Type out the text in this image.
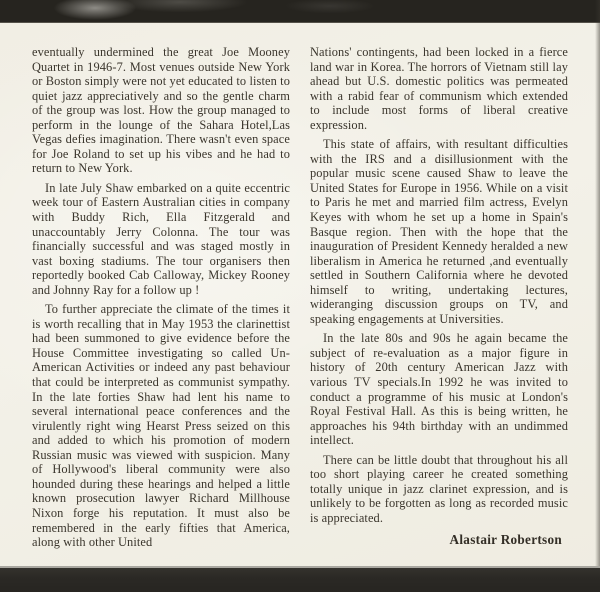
eventually undermined the great Joe Mooney Quartet in 1946-7. Most venues outside New York or Boston simply were not yet educated to listen to quiet jazz appreciatively and so the gentle charm of the group was lost. How the group managed to perform in the lounge of the Sahara Hotel,Las Vegas defies imagination. There wasn't even space for Joe Roland to set up his vibes and he had to return to New York.

In late July Shaw embarked on a quite eccentric week tour of Eastern Australian cities in company with Buddy Rich, Ella Fitzgerald and unaccountably Jerry Colonna. The tour was financially successful and was staged mostly in vast boxing stadiums. The tour organisers then reportedly booked Cab Calloway, Mickey Rooney and Johnny Ray for a follow up !

To further appreciate the climate of the times it is worth recalling that in May 1953 the clarinettist had been summoned to give evidence before the House Committee investigating so called Un-American Activities or indeed any past behaviour that could be interpreted as communist sympathy. In the late forties Shaw had lent his name to several international peace conferences and the virulently right wing Hearst Press seized on this and added to which his promotion of modern Russian music was viewed with suspicion. Many of Hollywood's liberal community were also hounded during these hearings and helped a little known prosecution lawyer Richard Millhouse Nixon forge his reputation. It must also be remembered in the early fifties that America, along with other United

Nations' contingents, had been locked in a fierce land war in Korea. The horrors of Vietnam still lay ahead but U.S. domestic politics was permeated with a rabid fear of communism which extended to include most forms of liberal creative expression.

This state of affairs, with resultant difficulties with the IRS and a disillusionment with the popular music scene caused Shaw to leave the United States for Europe in 1956. While on a visit to Paris he met and married film actress, Evelyn Keyes with whom he set up a home in Spain's Basque region. Then with the hope that the inauguration of President Kennedy heralded a new liberalism in America he returned ,and eventually settled in Southern California where he devoted himself to writing, undertaking lectures, wideranging discussion groups on TV, and speaking engagements at Universities.

In the late 80s and 90s he again became the subject of re-evaluation as a major figure in history of 20th century American Jazz with various TV specials.In 1992 he was invited to conduct a programme of his music at London's Royal Festival Hall. As this is being written, he approaches his 94th birthday with an undimmed intellect.

There can be little doubt that throughout his all too short playing career he created something totally unique in jazz clarinet expression, and is unlikely to be forgotten as long as recorded music is appreciated.

Alastair Robertson
